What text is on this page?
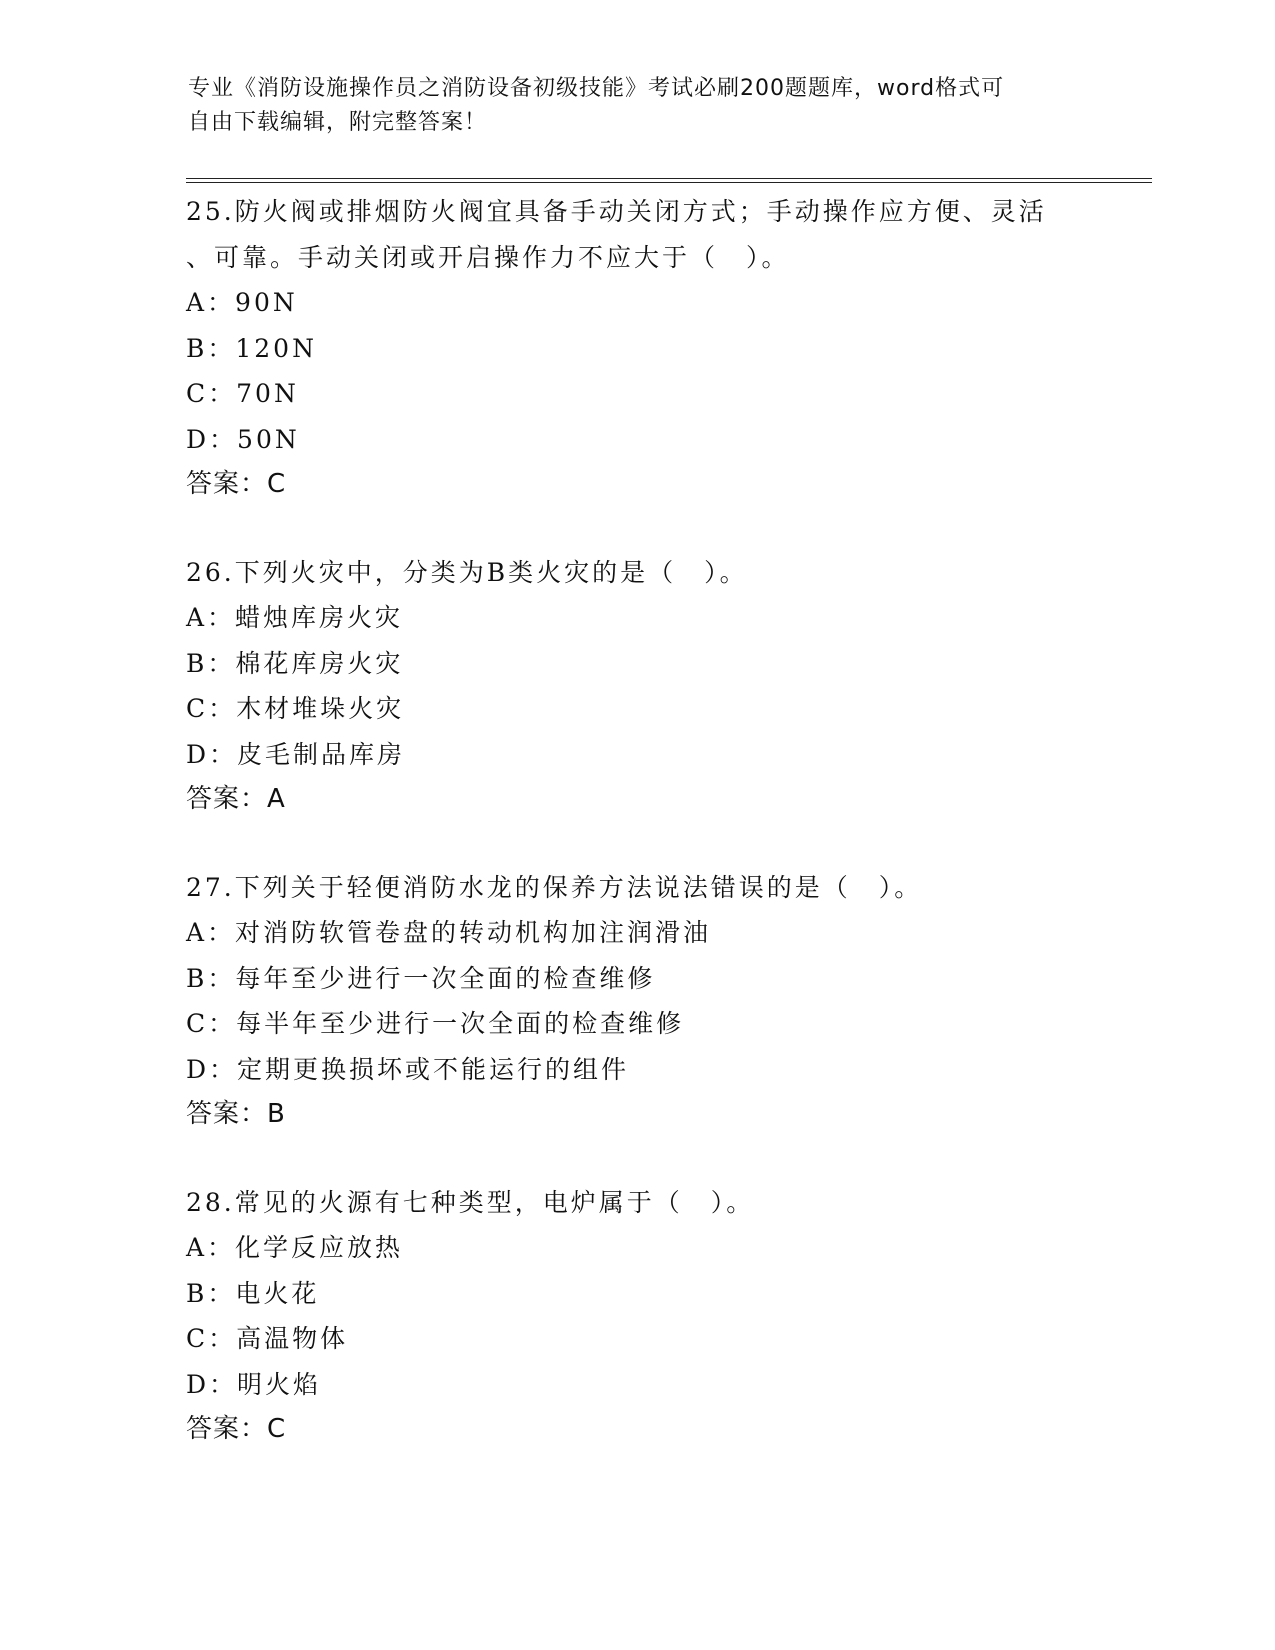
专业《消防设施操作员之消防设备初级技能》考试必刷200题题库，word格式可
自由下载编辑，附完整答案！
25.防火阀或排烟防火阀宜具备手动关闭方式；手动操作应方便、灵活
、可靠。手动关闭或开启操作力不应大于（　）。
A：90N
B：120N
C：70N
D：50N
答案：C
26.下列火灾中，分类为B类火灾的是（　）。
A：蜡烛库房火灾
B：棉花库房火灾
C：木材堆垛火灾
D：皮毛制品库房
答案：A
27.下列关于轻便消防水龙的保养方法说法错误的是（　）。
A：对消防软管卷盘的转动机构加注润滑油
B：每年至少进行一次全面的检查维修
C：每半年至少进行一次全面的检查维修
D：定期更换损坏或不能运行的组件
答案：B
28.常见的火源有七种类型，电炉属于（　）。
A：化学反应放热
B：电火花
C：高温物体
D：明火焰
答案：C
